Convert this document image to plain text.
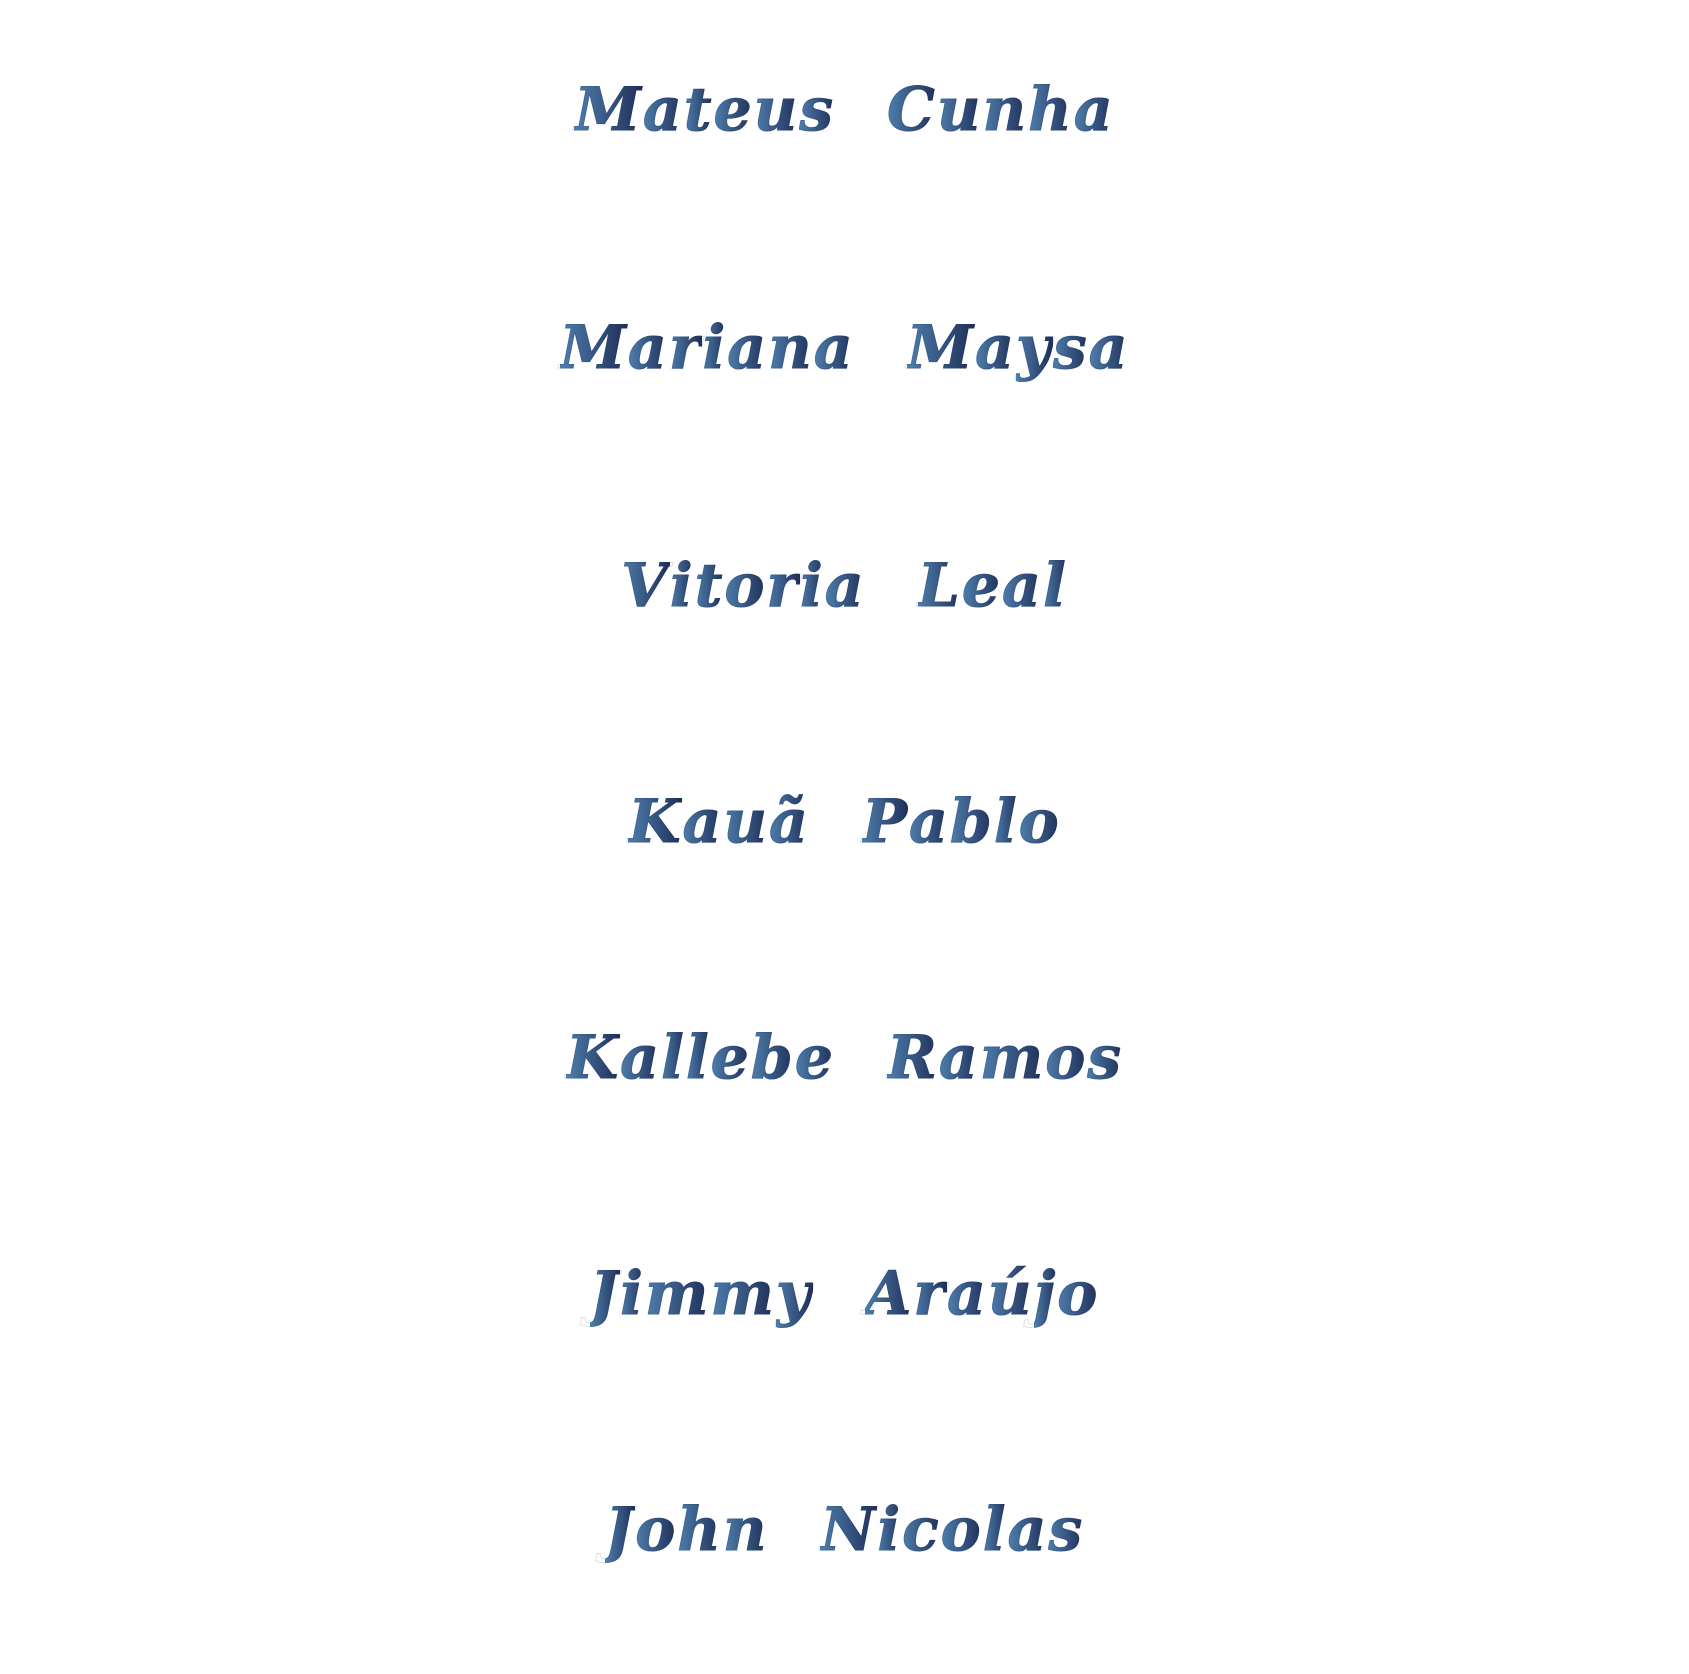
Mateus Cunha
Mariana Maysa
Vitoria Leal
Kauã Pablo
Kallebe Ramos
Jimmy Araújo
John Nicolas
